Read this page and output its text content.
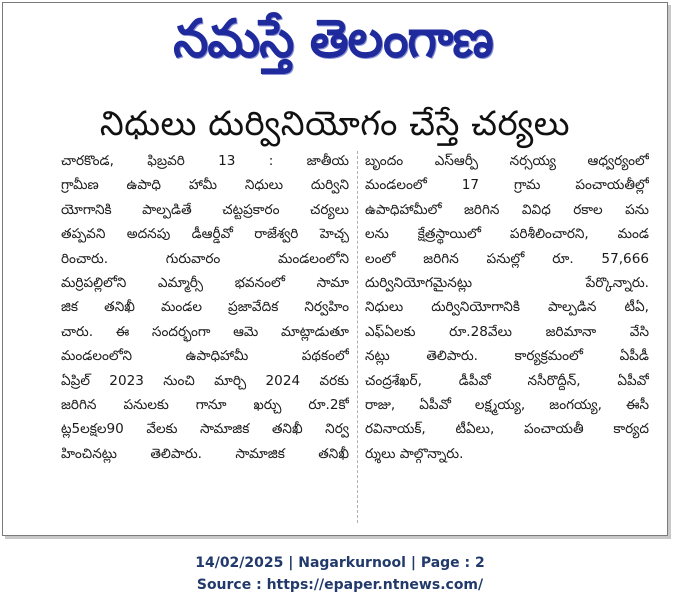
నమస్తే తెలంగాణ
నిధులు దుర్వినియోగం చేస్తే చర్యలు
చారకొండ, ఫిబ్రవరి 13 : జాతీయ
గ్రామీణ ఉపాధి హామీ నిధులు దుర్విని
యోగానికి పాల్పడితే చట్టప్రకారం చర్యలు
తప్పవని అదనపు డీఆర్డీవో రాజేశ్వరి హెచ్చ
రించారు. గురువారం మండలంలోని
మర్రిపల్లిలోని ఎమ్మార్సీ భవనంలో సామా
జిక తనిఖీ మండల ప్రజావేదిక నిర్వహిం
చారు. ఈ సందర్భంగా ఆమె మాట్లాడుతూ
మండలంలోని ఉపాధిహామీ పథకంలో
ఏప్రిల్ 2023 నుంచి మార్చి 2024 వరకు
జరిగిన పనులకు గానూ ఖర్చు రూ.2కో
ట్ల5లక్షల90 వేలకు సామాజిక తనిఖీ నిర్వ
హించినట్లు తెలిపారు. సామాజిక తనిఖీ
బృందం ఎస్ఆర్పీ నర్సయ్య ఆధ్వర్యంలో
మండలంలో 17 గ్రామ పంచాయతీల్లో
ఉపాధిహామీలో జరిగిన వివిధ రకాల పను
లను క్షేత్రస్థాయిలో పరిశీలించారని, మండ
లంలో జరిగిన పనుల్లో రూ. 57,666
దుర్వినియోగమైనట్లు పేర్కొన్నారు.
నిధులు దుర్వినియోగానికి పాల్పడిన టీఏ,
ఎఫ్ఏలకు రూ.28వేలు జరిమానా వేసి
నట్లు తెలిపారు. కార్యక్రమంలో ఏపీడీ
చంద్రశేఖర్, డీపీవో నసీరొద్దీన్, ఏపీవో
రాజు, ఏపీవో లక్ష్మయ్య, జంగయ్య, ఈసీ
రవినాయక్, టీఏలు, పంచాయతీ కార్యద
ర్శులు పాల్గొన్నారు.
14/02/2025 | Nagarkurnool | Page : 2
Source : https://epaper.ntnews.com/
